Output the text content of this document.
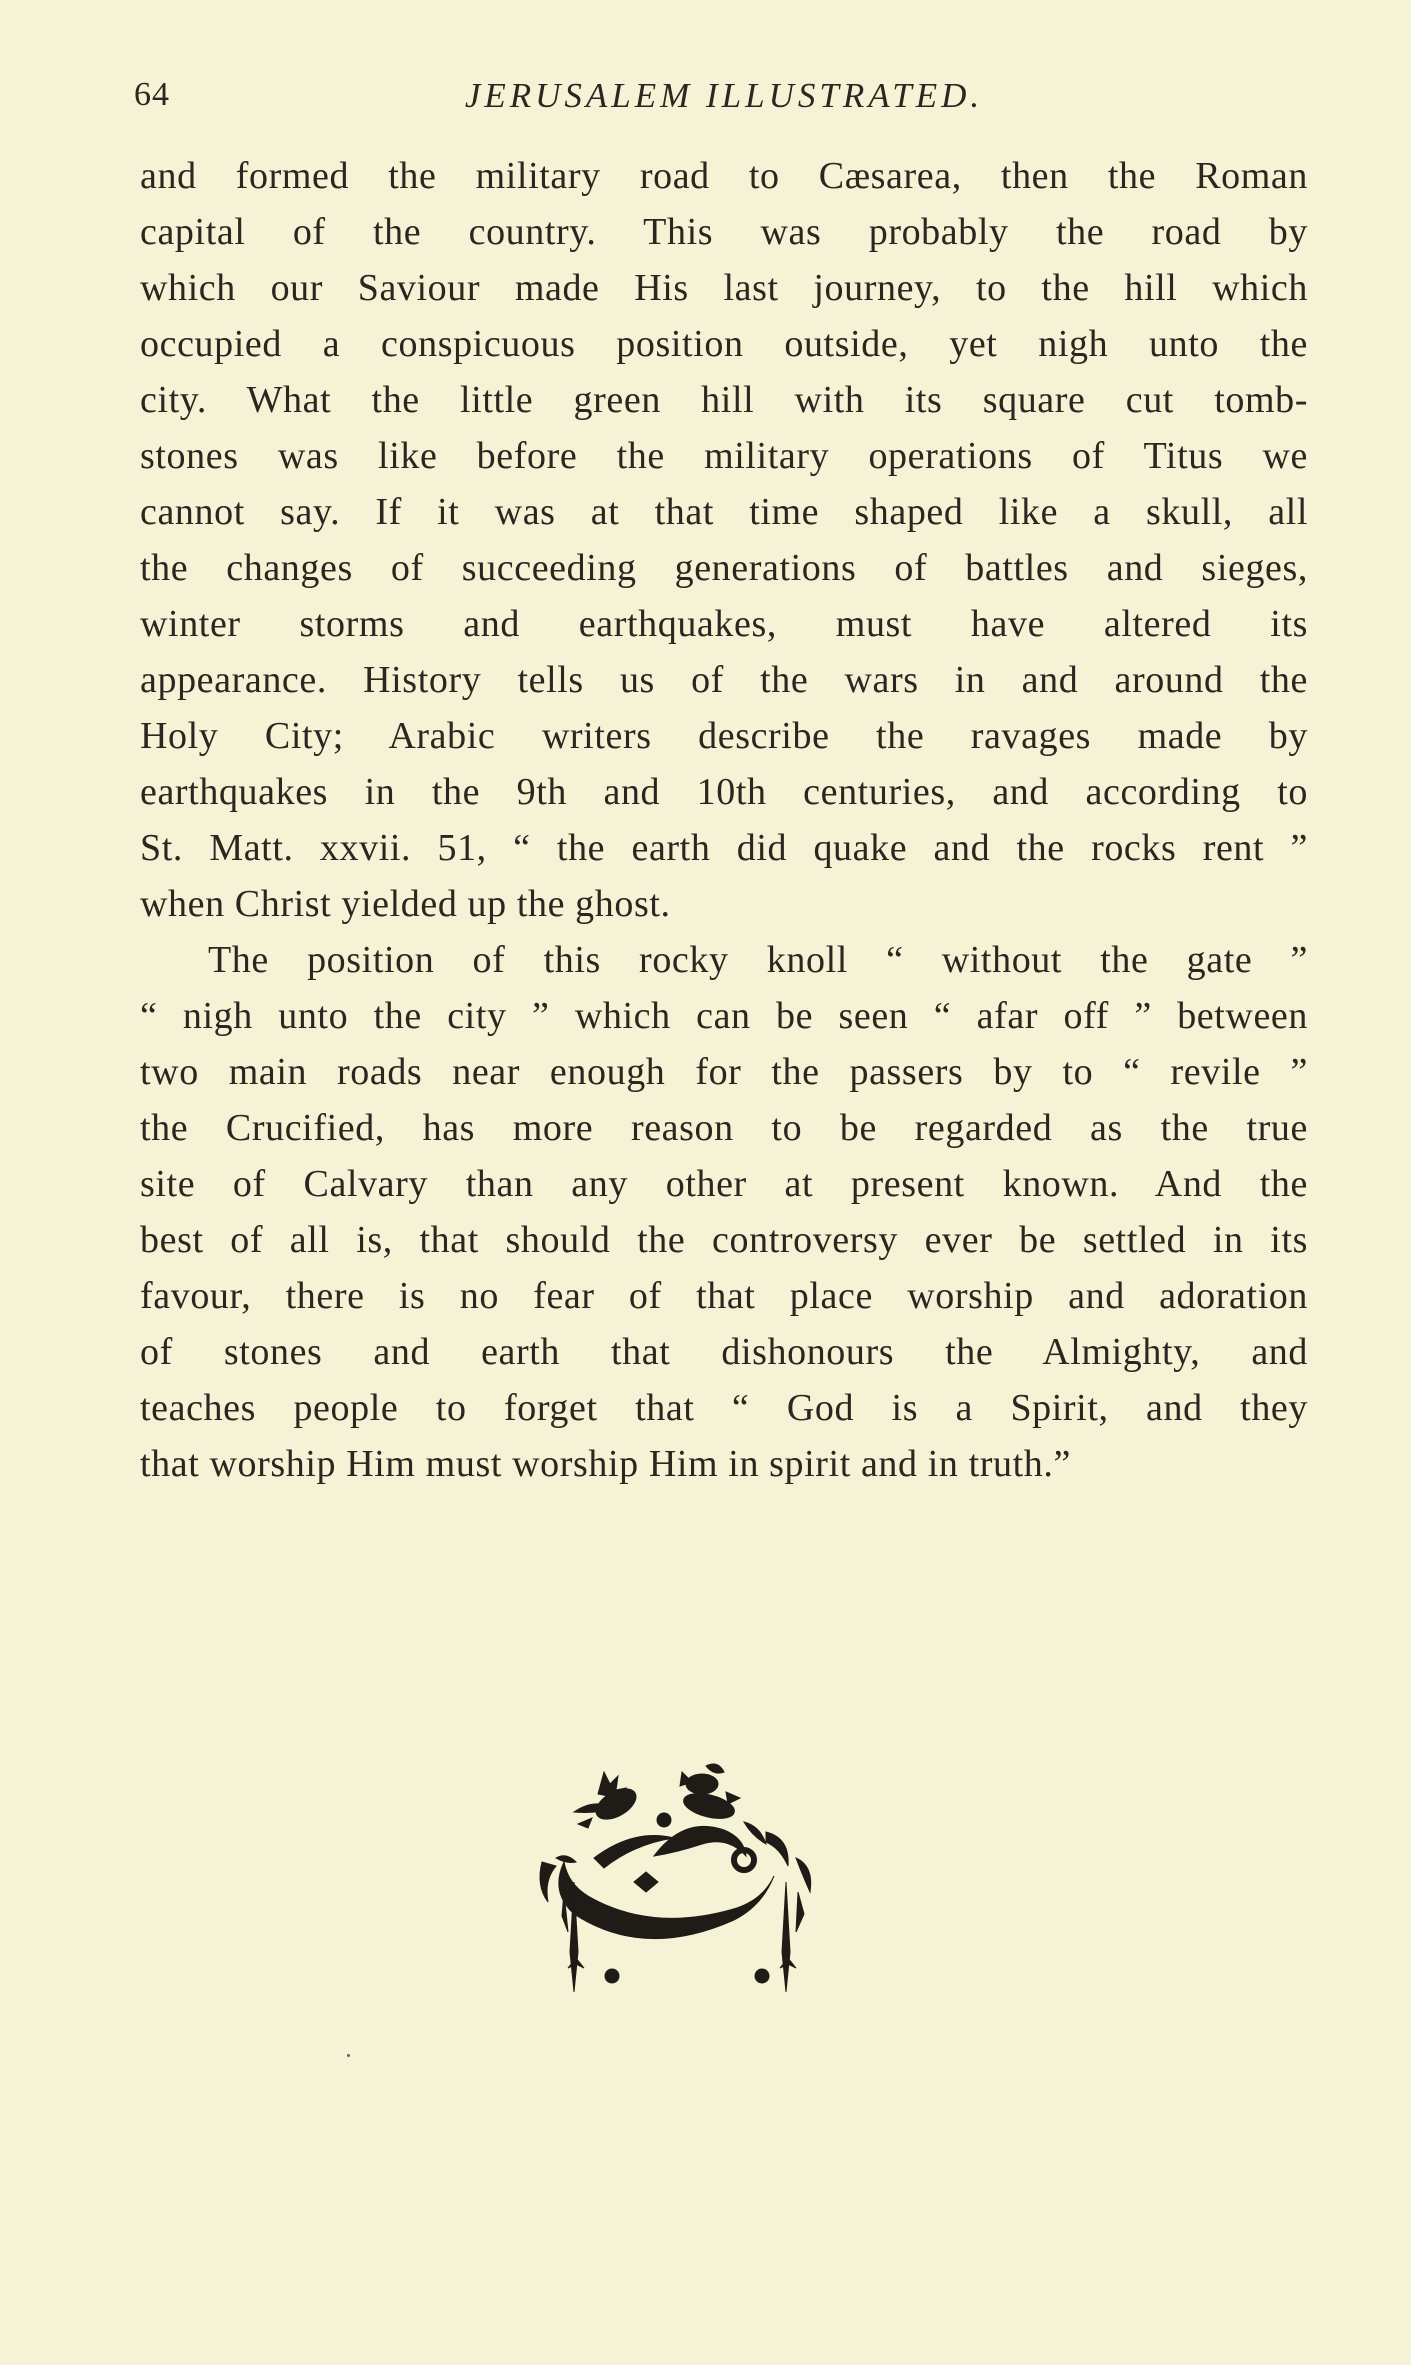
64	JERUSALEM ILLUSTRATED.
and formed the military road to Cæsarea, then the Roman
capital of the country. This was probably the road by
which our Saviour made His last journey, to the hill which
occupied a conspicuous position outside, yet nigh unto the
city. What the little green hill with its square cut tomb-
stones was like before the military operations of Titus we
cannot say. If it was at that time shaped like a skull, all
the changes of succeeding generations of battles and sieges,
winter storms and earthquakes, must have altered its
appearance. History tells us of the wars in and around the
Holy City; Arabic writers describe the ravages made by
earthquakes in the 9th and 10th centuries, and according to
St. Matt. xxvii. 51, “ the earth did quake and the rocks rent ”
when Christ yielded up the ghost.
The position of this rocky knoll “ without the gate ”
“ nigh unto the city ” which can be seen “ afar off ” between
two main roads near enough for the passers by to “ revile ”
the Crucified, has more reason to be regarded as the true
site of Calvary than any other at present known. And the
best of all is, that should the controversy ever be settled in its
favour, there is no fear of that place worship and adoration
of stones and earth that dishonours the Almighty, and
teaches people to forget that “ God is a Spirit, and they
that worship Him must worship Him in spirit and in truth.”
